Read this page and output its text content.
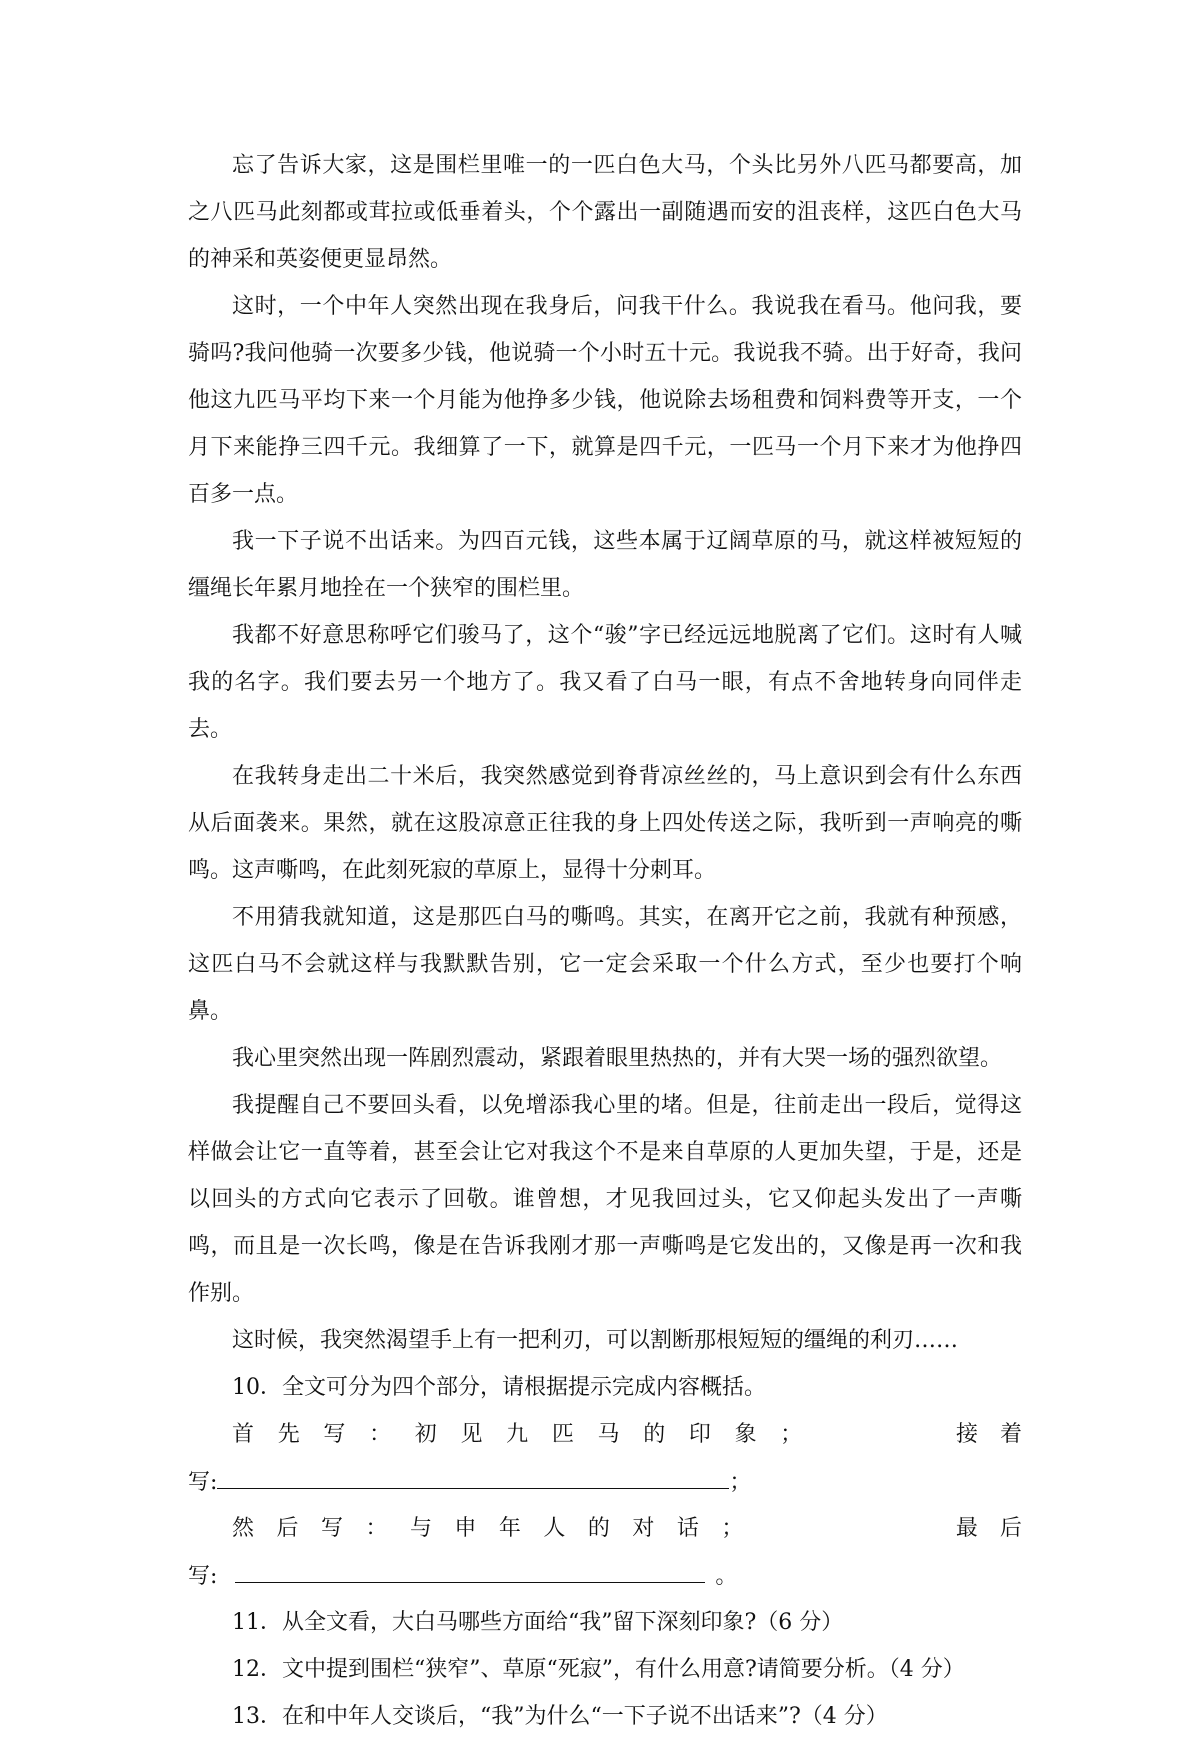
忘了告诉大家，这是围栏里唯一的一匹白色大马，个头比另外八匹马都要高，加之八匹马此刻都或茸拉或低垂着头，个个露出一副随遇而安的沮丧样，这匹白色大马的神采和英姿便更显昂然。

这时，一个中年人突然出现在我身后，问我干什么。我说我在看马。他问我，要骑吗?我问他骑一次要多少钱，他说骑一个小时五十元。我说我不骑。出于好奇，我问他这九匹马平均下来一个月能为他挣多少钱，他说除去场租费和饲料费等开支，一个月下来能挣三四千元。我细算了一下，就算是四千元，一匹马一个月下来才为他挣四百多一点。

我一下子说不出话来。为四百元钱，这些本属于辽阔草原的马，就这样被短短的缰绳长年累月地拴在一个狭窄的围栏里。

我都不好意思称呼它们骏马了，这个“骏”字已经远远地脱离了它们。这时有人喊我的名字。我们要去另一个地方了。我又看了白马一眼，有点不舍地转身向同伴走去。

在我转身走出二十米后，我突然感觉到脊背凉丝丝的，马上意识到会有什么东西从后面袭来。果然，就在这股凉意正往我的身上四处传送之际，我听到一声响亮的嘶鸣。这声嘶鸣，在此刻死寂的草原上，显得十分刺耳。

不用猜我就知道，这是那匹白马的嘶鸣。其实，在离开它之前，我就有种预感，这匹白马不会就这样与我默默告别，它一定会采取一个什么方式，至少也要打个响鼻。

我心里突然出现一阵剧烈震动，紧跟着眼里热热的，并有大哭一场的强烈欲望。

我提醒自己不要回头看，以免增添我心里的堵。但是，往前走出一段后，觉得这样做会让它一直等着，甚至会让它对我这个不是来自草原的人更加失望，于是，还是以回头的方式向它表示了回敬。谁曾想，才见我回过头，它又仰起头发出了一声嘶鸣，而且是一次长鸣，像是在告诉我刚才那一声嘶鸣是它发出的，又像是再一次和我作别。

这时候，我突然渴望手上有一把利刃，可以割断那根短短的缰绳的利刃……

10．全文可分为四个部分，请根据提示完成内容概括。

首 先 写 ： 初 见 九 匹 马 的 印 象 ；	接　着
写:	；
然 后 写 ： 与 申 年 人 的 对 话 ；	最　后
写:	。

11．从全文看，大白马哪些方面给“我”留下深刻印象?（6 分）

12．文中提到围栏“狭窄”、草原“死寂”，有什么用意?请简要分析。（4 分）

13．在和中年人交谈后，“我”为什么“一下子说不出话来”?（4 分）
